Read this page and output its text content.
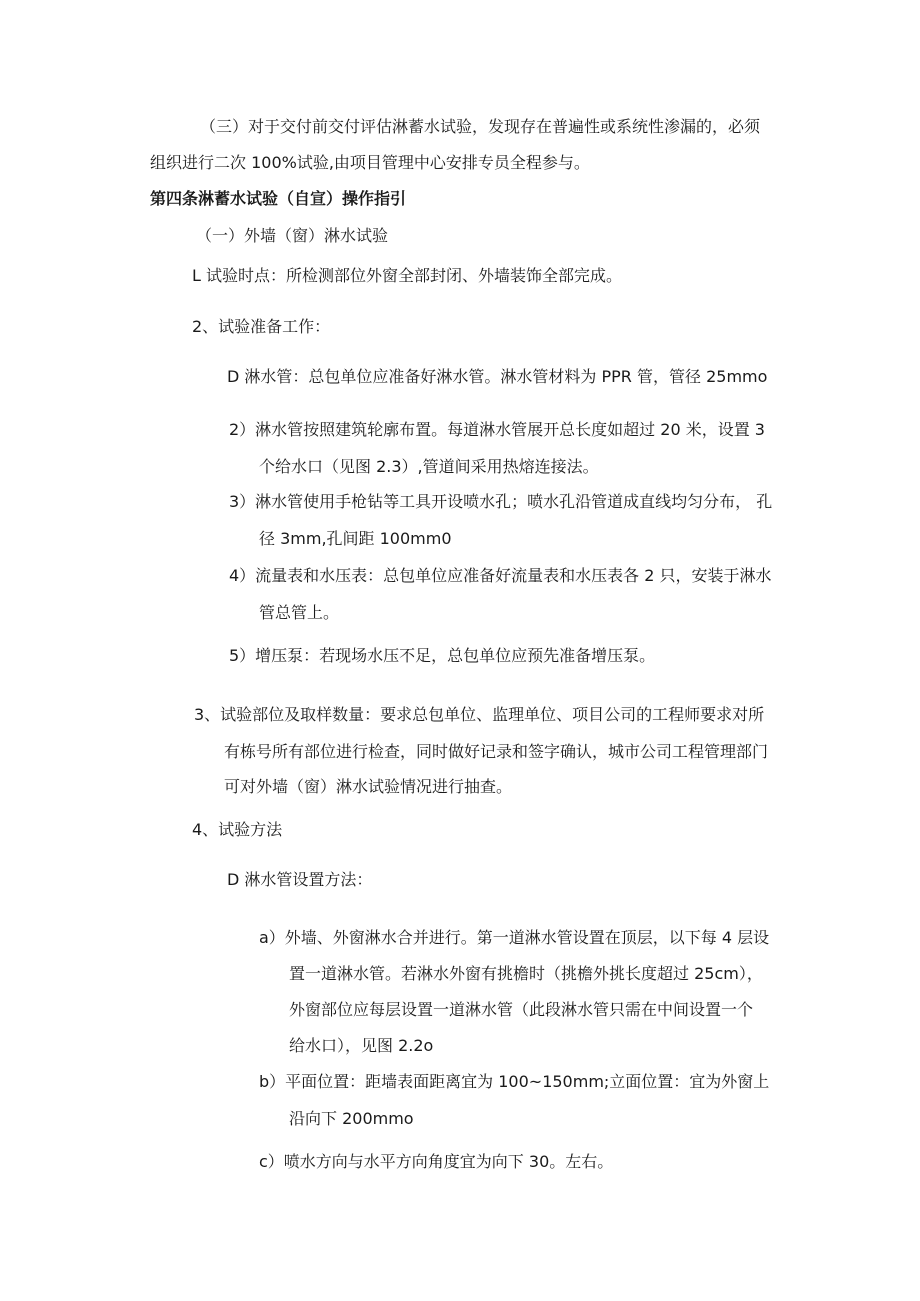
（三）对于交付前交付评估淋蓄水试验，发现存在普遍性或系统性渗漏的，必须
组织进行二次 100%试验,由项目管理中心安排专员全程参与。
第四条淋蓄水试验（自宣）操作指引
（一）外墙（窗）淋水试验
L 试验时点：所检测部位外窗全部封闭、外墙装饰全部完成。
2、试验准备工作：
D 淋水管：总包单位应准备好淋水管。淋水管材料为 PPR 管，管径 25mmo
2）淋水管按照建筑轮廓布置。每道淋水管展开总长度如超过 20 米，设置 3
个给水口（见图 2.3）,管道间采用热熔连接法。
3）淋水管使用手枪钻等工具开设喷水孔；喷水孔沿管道成直线均匀分布， 孔
径 3mm,孔间距 100mm0
4）流量表和水压表：总包单位应准备好流量表和水压表各 2 只，安装于淋水
管总管上。
5）增压泵：若现场水压不足，总包单位应预先准备增压泵。
3、试验部位及取样数量：要求总包单位、监理单位、项目公司的工程师要求对所
有栋号所有部位进行检查，同时做好记录和签字确认，城市公司工程管理部门
可对外墙（窗）淋水试验情况进行抽查。
4、试验方法
D 淋水管设置方法：
a）外墙、外窗淋水合并进行。第一道淋水管设置在顶层，以下每 4 层设
置一道淋水管。若淋水外窗有挑檐时（挑檐外挑长度超过 25cm），
外窗部位应每层设置一道淋水管（此段淋水管只需在中间设置一个
给水口），见图 2.2o
b）平面位置：距墙表面距离宜为 100~150mm;立面位置：宜为外窗上
沿向下 200mmo
c）喷水方向与水平方向角度宜为向下 30。左右。
